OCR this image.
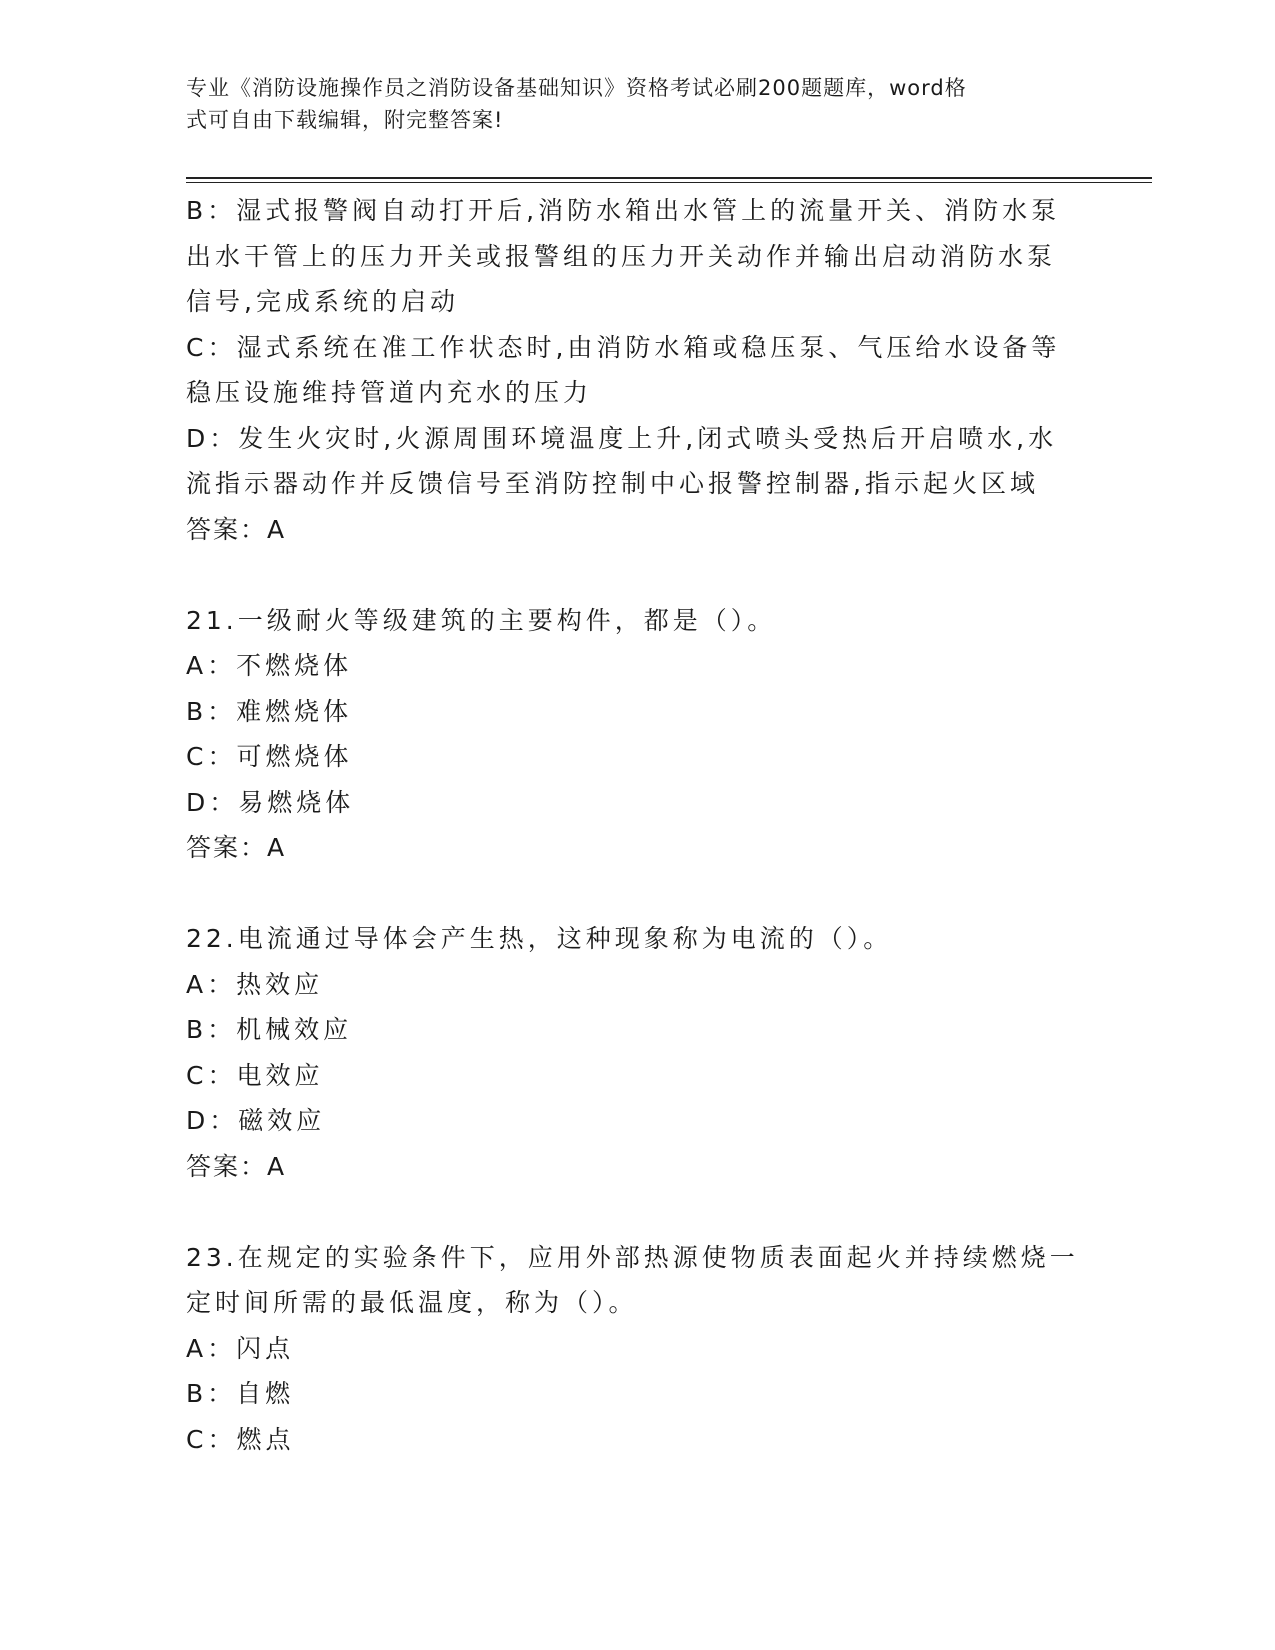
专业《消防设施操作员之消防设备基础知识》资格考试必刷200题题库，word格
式可自由下载编辑，附完整答案!
B：湿式报警阀自动打开后,消防水箱出水管上的流量开关、消防水泵
出水干管上的压力开关或报警组的压力开关动作并输出启动消防水泵
信号,完成系统的启动
C：湿式系统在准工作状态时,由消防水箱或稳压泵、气压给水设备等
稳压设施维持管道内充水的压力
D：发生火灾时,火源周围环境温度上升,闭式喷头受热后开启喷水,水
流指示器动作并反馈信号至消防控制中心报警控制器,指示起火区域
答案：A
21.一级耐火等级建筑的主要构件，都是（）。
A：不燃烧体
B：难燃烧体
C：可燃烧体
D：易燃烧体
答案：A
22.电流通过导体会产生热，这种现象称为电流的（）。
A：热效应
B：机械效应
C：电效应
D：磁效应
答案：A
23.在规定的实验条件下，应用外部热源使物质表面起火并持续燃烧一
定时间所需的最低温度，称为（）。
A：闪点
B：自燃
C：燃点
